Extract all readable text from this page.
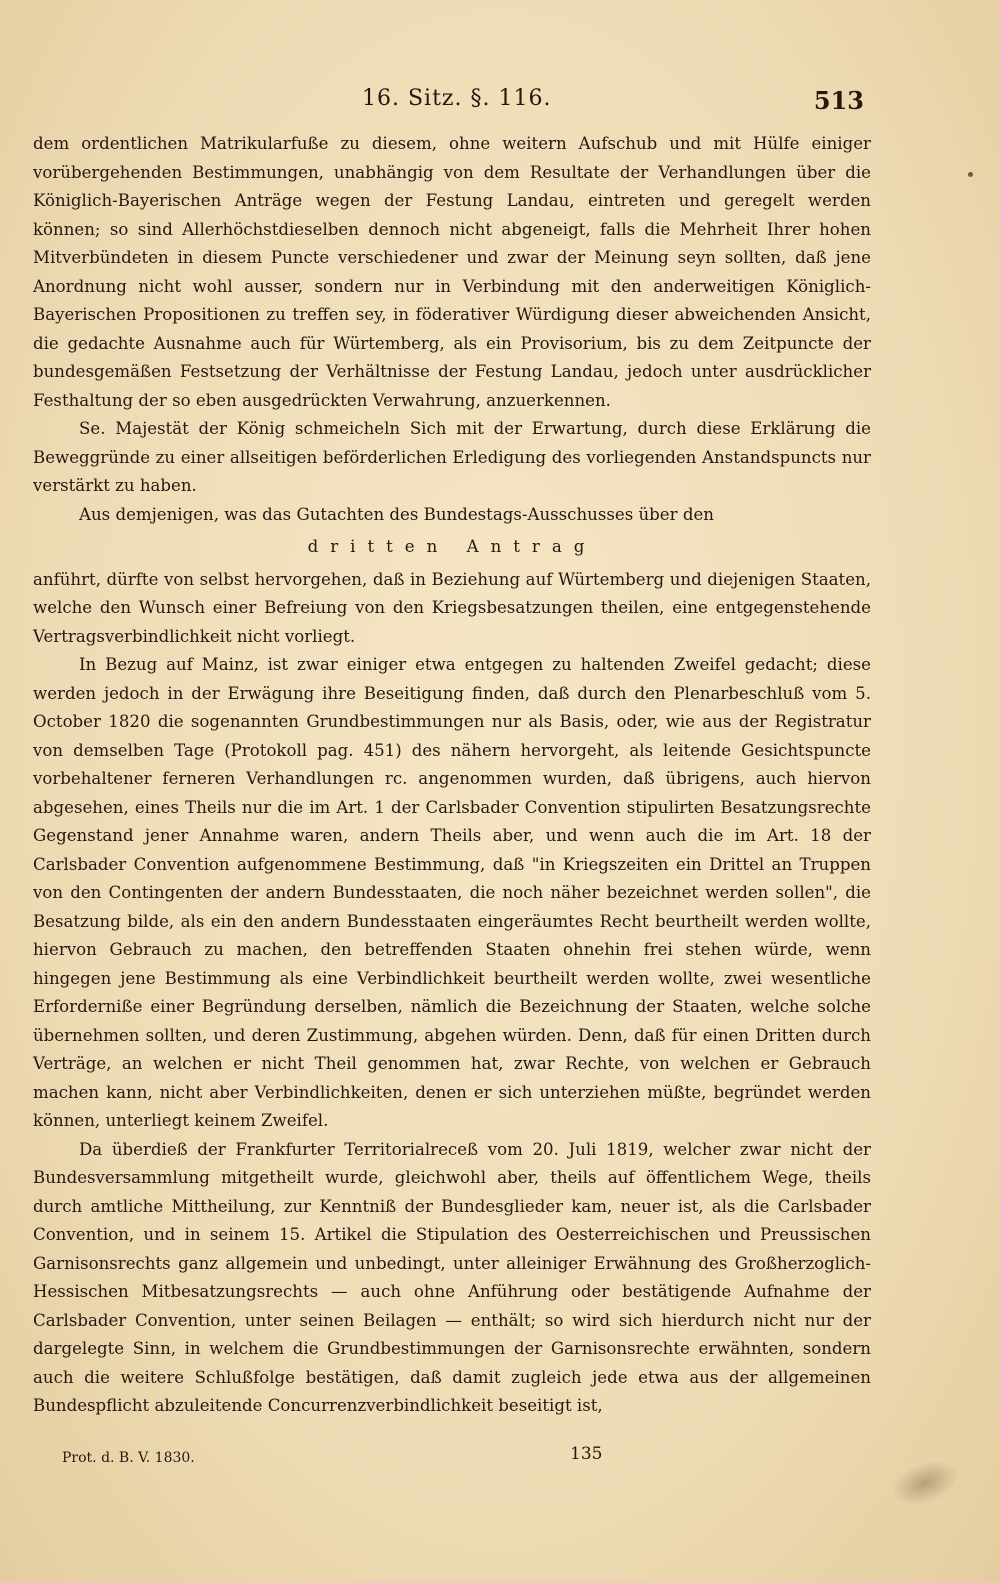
16. Sitz. §. 116.	513

dem ordentlichen Matrikularfuße zu diesem, ohne weitern Aufschub und mit Hülfe einiger vorübergehenden Bestimmungen, unabhängig von dem Resultate der Verhandlungen über die Königlich-Bayerischen Anträge wegen der Festung Landau, eintreten und geregelt werden können; so sind Allerhöchstdieselben dennoch nicht abgeneigt, falls die Mehrheit Ihrer hohen Mitverbündeten in diesem Puncte verschiedener und zwar der Meinung seyn sollten, daß jene Anordnung nicht wohl ausser, sondern nur in Verbindung mit den anderweitigen Königlich-Bayerischen Propositionen zu treffen sey, in föderativer Würdigung dieser abweichenden Ansicht, die gedachte Ausnahme auch für Würtemberg, als ein Provisorium, bis zu dem Zeitpuncte der bundesgemäßen Festsetzung der Verhältnisse der Festung Landau, jedoch unter ausdrücklicher Festhaltung der so eben ausgedrückten Verwahrung, anzuerkennen.

Se. Majestät der König schmeicheln Sich mit der Erwartung, durch diese Erklärung die Beweggründe zu einer allseitigen beförderlichen Erledigung des vorliegenden Anstandspuncts nur verstärkt zu haben.

Aus demjenigen, was das Gutachten des Bundestags-Ausschusses über den

dritten Antrag

anführt, dürfte von selbst hervorgehen, daß in Beziehung auf Würtemberg und diejenigen Staaten, welche den Wunsch einer Befreiung von den Kriegsbesatzungen theilen, eine entgegenstehende Vertragsverbindlichkeit nicht vorliegt.

In Bezug auf Mainz, ist zwar einiger etwa entgegen zu haltenden Zweifel gedacht; diese werden jedoch in der Erwägung ihre Beseitigung finden, daß durch den Plenarbeschluß vom 5. October 1820 die sogenannten Grundbestimmungen nur als Basis, oder, wie aus der Registratur von demselben Tage (Protokoll pag. 451) des nähern hervorgeht, als leitende Gesichtspuncte vorbehaltener ferneren Verhandlungen rc. angenommen wurden, daß übrigens, auch hiervon abgesehen, eines Theils nur die im Art. 1 der Carlsbader Convention stipulirten Besatzungsrechte Gegenstand jener Annahme waren, andern Theils aber, und wenn auch die im Art. 18 der Carlsbader Convention aufgenommene Bestimmung, daß "in Kriegszeiten ein Drittel an Truppen von den Contingenten der andern Bundesstaaten, die noch näher bezeichnet werden sollen", die Besatzung bilde, als ein den andern Bundesstaaten eingeräumtes Recht beurtheilt werden wollte, hiervon Gebrauch zu machen, den betreffenden Staaten ohnehin frei stehen würde, wenn hingegen jene Bestimmung als eine Verbindlichkeit beurtheilt werden wollte, zwei wesentliche Erforderniße einer Begründung derselben, nämlich die Bezeichnung der Staaten, welche solche übernehmen sollten, und deren Zustimmung, abgehen würden. Denn, daß für einen Dritten durch Verträge, an welchen er nicht Theil genommen hat, zwar Rechte, von welchen er Gebrauch machen kann, nicht aber Verbindlichkeiten, denen er sich unterziehen müßte, begründet werden können, unterliegt keinem Zweifel.

Da überdieß der Frankfurter Territorialreceß vom 20. Juli 1819, welcher zwar nicht der Bundesversammlung mitgetheilt wurde, gleichwohl aber, theils auf öffentlichem Wege, theils durch amtliche Mittheilung, zur Kenntniß der Bundesglieder kam, neuer ist, als die Carlsbader Convention, und in seinem 15. Artikel die Stipulation des Oesterreichischen und Preussischen Garnisonsrechts ganz allgemein und unbedingt, unter alleiniger Erwähnung des Großherzoglich-Hessischen Mitbesatzungsrechts — auch ohne Anführung oder bestätigende Aufnahme der Carlsbader Convention, unter seinen Beilagen — enthält; so wird sich hierdurch nicht nur der dargelegte Sinn, in welchem die Grundbestimmungen der Garnisonsrechte erwähnten, sondern auch die weitere Schlußfolge bestätigen, daß damit zugleich jede etwa aus der allgemeinen Bundespflicht abzuleitende Concurrenzverbindlichkeit beseitigt ist,

Prot. d. B. V. 1830.	135
